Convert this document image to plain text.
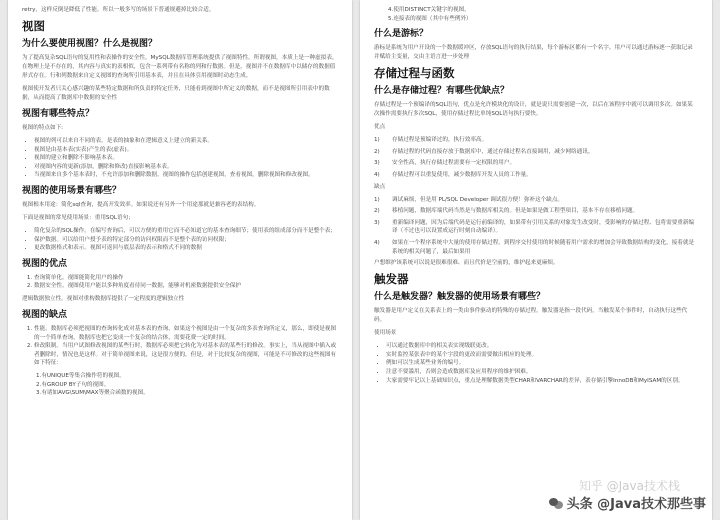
retry，这样反倒是降低了性能。所以一般多写的场景下普通规避掉比较合适。

视图
为什么要使用视图？什么是视图？

为了提高复杂SQL语句的复用性和表操作的安全性，MySQL数据库管理系统提供了视图特性。所谓视图，本质上是一种虚拟表，在物理上是不存在的，其内容与真实的表相似，包含一系列带有名称的列和行数据。但是，视图并不在数据库中以储存的数据值形式存在。行和列数据来自定义视图的查询所引用基本表，并且在具体引用视图时动态生成。

视图使开发者只关心感兴趣的某些特定数据和所负责的特定任务，只能看到视图中所定义的数据，而不是视图所引用表中的数据，从而提高了数据库中数据的安全性

视图有哪些特点？

视图的特点如下:

• 视图的列可以来自不同的表，是表的抽象和在逻辑意义上建立的新关系。
• 视图是由基本表(实表)产生的表(虚表)。
• 视图的建立和删除不影响基本表。
• 对视图内容的更新(添加，删除和修改)直接影响基本表。
• 当视图来自多个基本表时，不允许添加和删除数据。视图的操作包括创建视图，查看视图，删除视图和修改视图。
视图的使用场景有哪些？

视图根本用途：简化sql查询，提高开发效率。如果说还有另外一个用途那就是兼容老的表结构。

下面是视图的常见使用场景：重用SQL语句；

• 简化复杂的SQL操作。在编写查询后，可以方便的重用它而不必知道它的基本查询细节；使用表的组成部分而不是整个表；
• 保护数据。可以给用户授予表的特定部分的访问权限而不是整个表的访问权限；
• 更改数据格式和表示。视图可返回与底层表的表示和格式不同的数据
视图的优点
1. 查询简单化。视图能简化用户的操作
2. 数据安全性。视图使用户能以多种角度看待同一数据，能够对机密数据提供安全保护

逻辑数据独立性。视图对重构数据库提供了一定程度的逻辑独立性

视图的缺点
1. 性能。数据库必须把视图的查询转化成对基本表的查询，如果这个视图是由一个复杂的多表查询所定义，那么，即使是视图的一个简单查询，数据库也把它变成一个复杂的结合体，需要花费一定的时间。
2. 修改限制。当用户试图修改视图的某些行时，数据库必须把它转化为对基本表的某些行的修改。事实上，当从视图中插入或者删除时，情况也是这样。对于简单视图来说，这是很方便的，但是，对于比较复杂的视图，可能是不可修改的这些视图有如下特征：
1.有UNIQUE等集合操作符的视图。
2.有GROUP BY子句的视图。
3.有诸如AVG\SUM\MAX等聚合函数的视图。
4.使用DISTINCT关键字的视图。
5.连接表的视图（其中有些例外）
什么是游标？

游标是系统为用户开设的一个数据缓冲区，存放SQL语句的执行结果，每个游标区都有一个名字。用户可以通过游标逐一获取记录并赋给主变量，交由主语言进一步处理

存储过程与函数
什么是存储过程？有哪些优缺点？

存储过程是一个预编译的SQL语句，优点是允许模块化的设计，就是说只需要创建一次，以后在该程序中就可以调用多次。如果某次操作需要执行多次SQL，使用存储过程比单纯SQL语句执行要快。

优点

1)	存储过程是预编译过的，执行效率高。
2)	存储过程的代码直接存放于数据库中，通过存储过程名直接调用，减少网络通讯。
3)	安全性高，执行存储过程需要有一定权限的用户。
4)	存储过程可以重复使用，减少数据库开发人员的工作量。

缺点

1)	调试麻烦，但是用 PL/SQL Developer 调试很方便！弥补这个缺点。
2)	移植问题，数据库端代码当然是与数据库相关的。但是如果是做工程型项目，基本不存在移植问题。
3)	重新编译问题，因为后端代码是运行前编译的，如果带有引用关系的对象发生改变时，受影响的存储过程、包将需要重新编译（不过也可以设置成运行时刻自动编译）。
4)	如果在一个程序系统中大量的使用存储过程，到程序交付使用的时候随着用户需求的增加会导致数据结构的变化，接着就是系统的相关问题了，最后如果用

户想维护该系统可以说是很难很难、而且代价是空前的，维护起来更麻烦。

触发器
什么是触发器？触发器的使用场景有哪些？

触发器是用户定义在关系表上的一类由事件驱动的特殊的存储过程。触发器是指一段代码，当触发某个事件时，自动执行这些代码。

使用场景

• 可以通过数据库中的相关表实现级联更改。
• 实时监控某张表中的某个字段的更改而需要做出相应的处理。
• 例如可以生成某些业务的编号。
• 注意不要滥用，否则会造成数据库及应用程序的维护困难。
• 大家需要牢记以上基础知识点，重点是理解数据类型CHAR和VARCHAR的差异，表存储引擎InnoDB和MyISAM的区别。
知乎 @Java技术栈
头条 @Java技术那些事
